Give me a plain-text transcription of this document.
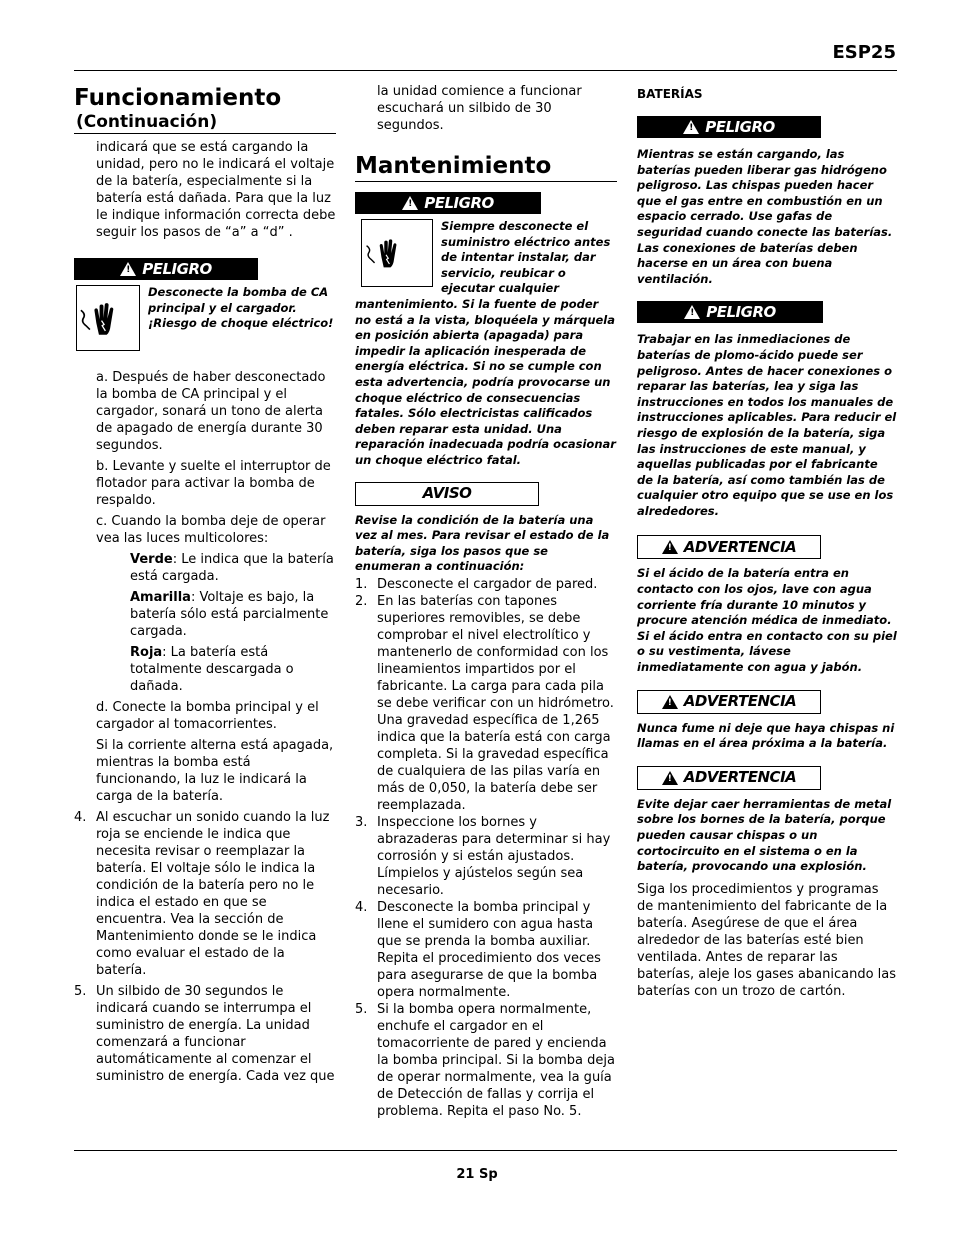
ESP25
Funcionamiento
(Continuación)
indicará que se está cargando la unidad, pero no le indicará el voltaje de la batería, especialmente si la batería está dañada. Para que la luz le indique información correcta debe seguir los pasos de “a” a “d” .
! PELIGRO
Desconecte la bomba de CA principal y el cargador. ¡Riesgo de choque eléctrico!
a. Después de haber desconectado la bomba de CA principal y el cargador, sonará un tono de alerta de apagado de energía durante 30 segundos.
b. Levante y suelte el interruptor de flotador para activar la bomba de respaldo.
c. Cuando la bomba deje de operar vea las luces multicolores:
Verde: Le indica que la batería está cargada.
Amarilla: Voltaje es bajo, la batería sólo está parcialmente cargada.
Roja: La batería está totalmente descargada o dañada.
d. Conecte la bomba principal y el cargador al tomacorrientes.
Si la corriente alterna está apagada, mientras la bomba está funcionando, la luz le indicará la carga de la batería.
4. Al escuchar un sonido cuando la luz roja se enciende le indica que necesita revisar o reemplazar la batería. El voltaje sólo le indica la condición de la batería pero no le indica el estado en que se encuentra. Vea la sección de Mantenimiento donde se le indica como evaluar el estado de la batería.
5. Un silbido de 30 segundos le indicará cuando se interrumpa el suministro de energía. La unidad comenzará a funcionar automáticamente al comenzar el suministro de energía. Cada vez que
la unidad comience a funcionar escuchará un silbido de 30 segundos.
Mantenimiento
! PELIGRO
Siempre desconecte el suministro eléctrico antes de intentar instalar, dar servicio, reubicar o ejecutar cualquier mantenimiento. Si la fuente de poder no está a la vista, bloquéela y márquela en posición abierta (apagada) para impedir la aplicación inesperada de energía eléctrica. Si no se cumple con esta advertencia, podría provocarse un choque eléctrico de consecuencias fatales. Sólo electricistas calificados deben reparar esta unidad. Una reparación inadecuada podría ocasionar un choque eléctrico fatal.
AVISO
Revise la condición de la batería una vez al mes. Para revisar el estado de la batería, siga los pasos que se enumeran a continuación:
1. Desconecte el cargador de pared.
2. En las baterías con tapones superiores removibles, se debe comprobar el nivel electrolítico y mantenerlo de conformidad con los lineamientos impartidos por el fabricante. La carga para cada pila se debe verificar con un hidrómetro. Una gravedad específica de 1,265 indica que la batería está con carga completa. Si la gravedad específica de cualquiera de las pilas varía en más de 0,050, la batería debe ser reemplazada.
3. Inspeccione los bornes y abrazaderas para determinar si hay corrosión y si están ajustados. Límpielos y ajústelos según sea necesario.
4. Desconecte la bomba principal y llene el sumidero con agua hasta que se prenda la bomba auxiliar. Repita el procedimiento dos veces para asegurarse de que la bomba opera normalmente.
5. Si la bomba opera normalmente, enchufe el cargador en el tomacorriente de pared y encienda la bomba principal. Si la bomba deja de operar normalmente, vea la guía de Detección de fallas y corrija el problema. Repita el paso No. 5.
BATERÍAS
! PELIGRO
Mientras se están cargando, las baterías pueden liberar gas hidrógeno peligroso. Las chispas pueden hacer que el gas entre en combustión en un espacio cerrado. Use gafas de seguridad cuando conecte las baterías. Las conexiones de baterías deben hacerse en un área con buena ventilación.
! PELIGRO
Trabajar en las inmediaciones de baterías de plomo-ácido puede ser peligroso. Antes de hacer conexiones o reparar las baterías, lea y siga las instrucciones en todos los manuales de instrucciones aplicables. Para reducir el riesgo de explosión de la batería, siga las instrucciones de este manual, y aquellas publicadas por el fabricante de la batería, así como también las de cualquier otro equipo que se use en los alrededores.
! ADVERTENCIA
Si el ácido de la batería entra en contacto con los ojos, lave con agua corriente fría durante 10 minutos y procure atención médica de inmediato. Si el ácido entra en contacto con su piel o su vestimenta, lávese inmediatamente con agua y jabón.
! ADVERTENCIA
Nunca fume ni deje que haya chispas ni llamas en el área próxima a la batería.
! ADVERTENCIA
Evite dejar caer herramientas de metal sobre los bornes de la batería, porque pueden causar chispas o un cortocircuito en el sistema o en la batería, provocando una explosión.
Siga los procedimientos y programas de mantenimiento del fabricante de la batería. Asegúrese de que el área alrededor de las baterías esté bien ventilada. Antes de reparar las baterías, aleje los gases abanicando las baterías con un trozo de cartón.
21 Sp
